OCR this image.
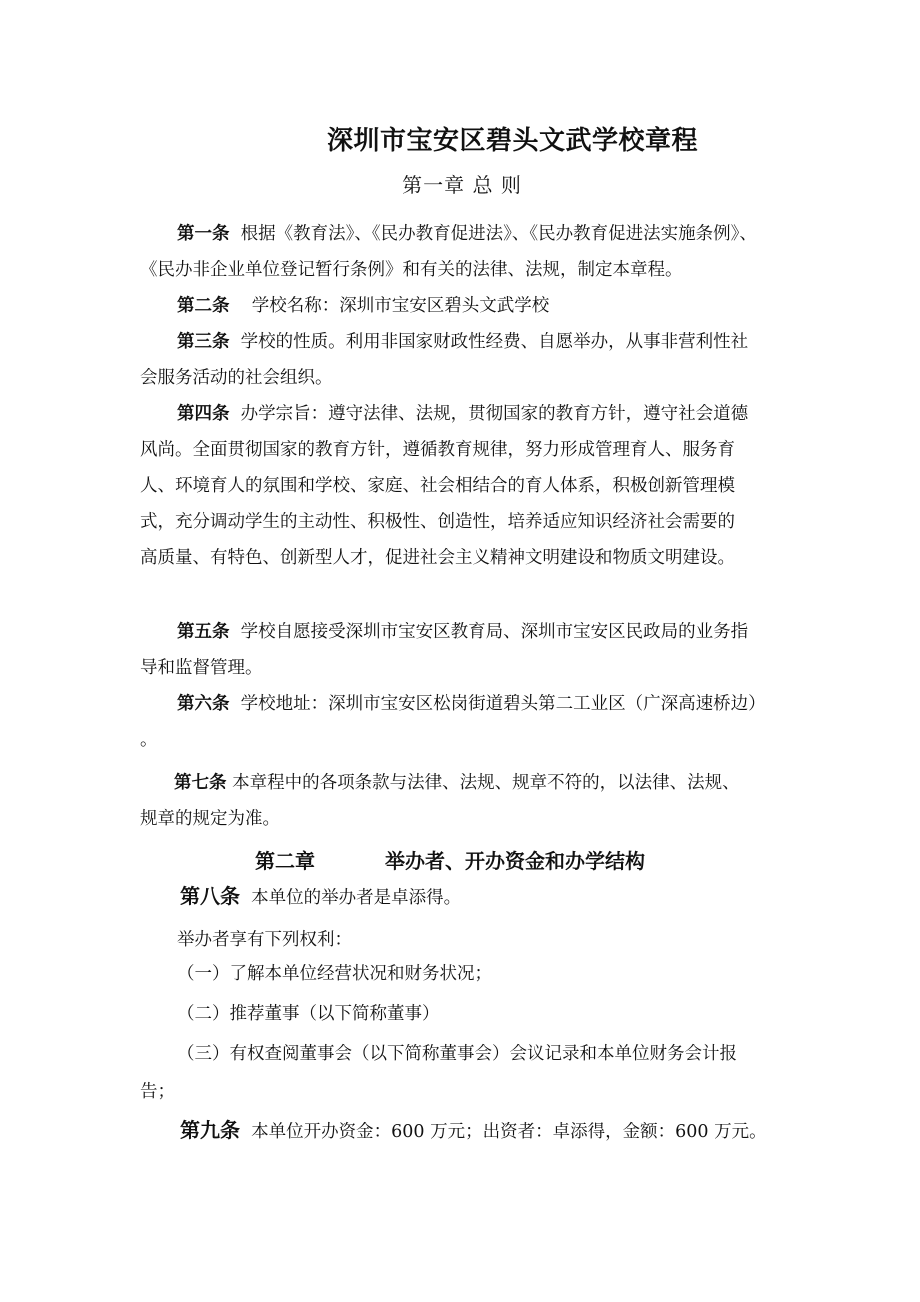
深圳市宝安区碧头文武学校章程
第一章 总 则
第一条 根据《教育法》、《民办教育促进法》、《民办教育促进法实施条例》、
《民办非企业单位登记暂行条例》和有关的法律、法规，制定本章程。
第二条 学校名称：深圳市宝安区碧头文武学校
第三条 学校的性质。利用非国家财政性经费、自愿举办，从事非营利性社
会服务活动的社会组织。
第四条 办学宗旨：遵守法律、法规，贯彻国家的教育方针，遵守社会道德
风尚。全面贯彻国家的教育方针，遵循教育规律，努力形成管理育人、服务育
人、环境育人的氛围和学校、家庭、社会相结合的育人体系，积极创新管理模
式，充分调动学生的主动性、积极性、创造性，培养适应知识经济社会需要的
高质量、有特色、创新型人才，促进社会主义精神文明建设和物质文明建设。
第五条 学校自愿接受深圳市宝安区教育局、深圳市宝安区民政局的业务指
导和监督管理。
第六条 学校地址：深圳市宝安区松岗街道碧头第二工业区（广深高速桥边）
。
第七条 本章程中的各项条款与法律、法规、规章不符的，以法律、法规、
规章的规定为准。
第二章	举办者、开办资金和办学结构
第八条 本单位的举办者是卓添得。
举办者享有下列权利：
（一）了解本单位经营状况和财务状况；
（二）推荐董事（以下简称董事）
（三）有权查阅董事会（以下简称董事会）会议记录和本单位财务会计报
告；
第九条 本单位开办资金：600 万元；出资者：卓添得，金额：600 万元。
